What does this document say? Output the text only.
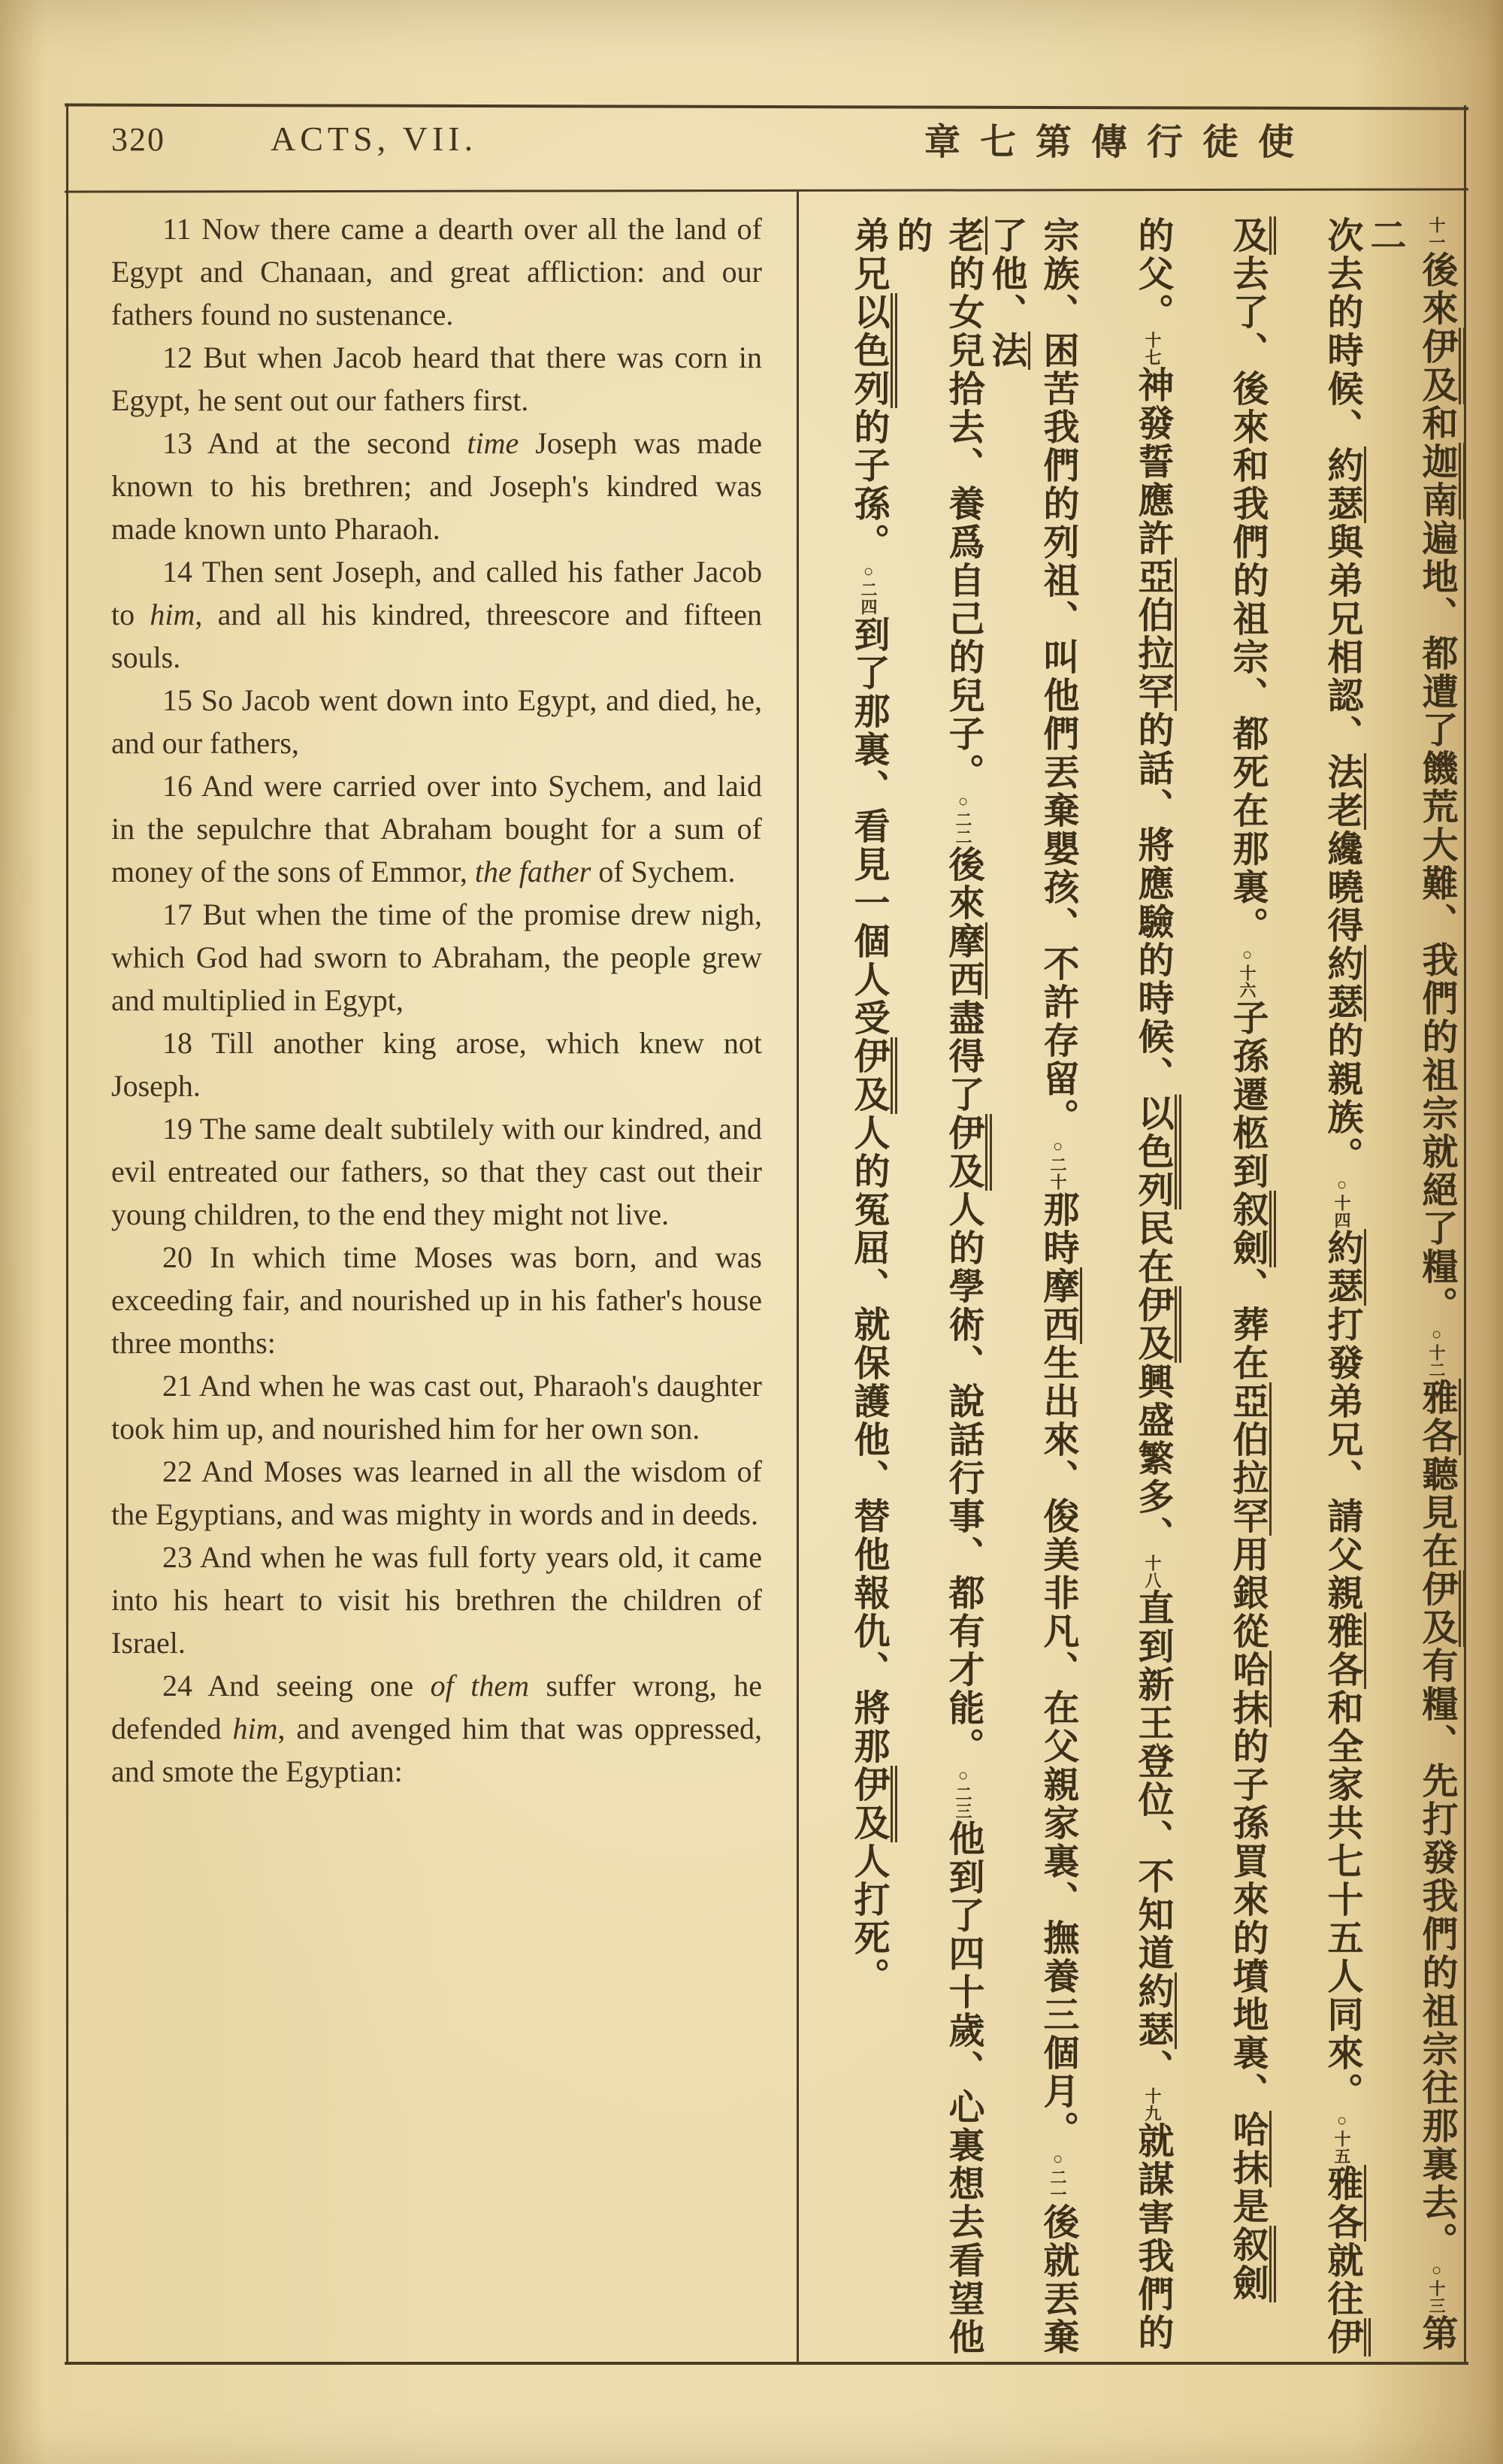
320	ACTS, VII.	章七第傳行徒使

11 Now there came a dearth over all the land of Egypt and Chanaan, and great affliction: and our fathers found no sustenance.

12 But when Jacob heard that there was corn in Egypt, he sent out our fathers first.

13 And at the second time Joseph was made known to his brethren; and Joseph's kindred was made known unto Pharaoh.

14 Then sent Joseph, and called his father Jacob to him, and all his kindred, threescore and fifteen souls.

15 So Jacob went down into Egypt, and died, he, and our fathers,

16 And were carried over into Sychem, and laid in the sepulchre that Abraham bought for a sum of money of the sons of Emmor, the father of Sychem.

17 But when the time of the promise drew nigh, which God had sworn to Abraham, the people grew and multiplied in Egypt,

18 Till another king arose, which knew not Joseph.

19 The same dealt subtilely with our kindred, and evil entreated our fathers, so that they cast out their young children, to the end they might not live.

20 In which time Moses was born, and was exceeding fair, and nourished up in his father's house three months:

21 And when he was cast out, Pharaoh's daughter took him up, and nourished him for her own son.

22 And Moses was learned in all the wisdom of the Egyptians, and was mighty in words and in deeds.

23 And when he was full forty years old, it came into his heart to visit his brethren the children of Israel.

24 And seeing one of them suffer wrong, he defended him, and avenged him that was oppressed, and smote the Egyptian:

十一後來伊及和迦南遍地、都遭了饑荒大難、我們的祖宗就絕了糧。○十二雅各聽見在伊及有糧、先打發我們的祖宗往那裏去。○十三第二
次去的時候、約瑟與弟兄相認、法老纔曉得約瑟的親族。○十四約瑟打發弟兄、請父親雅各和全家共七十五人同來。○十五雅各就往伊
及去了、後來和我們的祖宗、都死在那裏。○十六子孫遷柩到叙劍、葬在亞伯拉罕用銀從哈抹的子孫買來的墳地裏、哈抹是叙劍
的父。十七神發誓應許亞伯拉罕的話、將應驗的時候、以色列民在伊及興盛繁多、十八直到新王登位、不知道約瑟、十九就謀害我們的
宗族、困苦我們的列祖、叫他們丟棄嬰孩、不許存留。○二十那時摩西生出來、俊美非凡、在父親家裏、撫養三個月。○二一後就丟棄了他、法
老的女兒拾去、養爲自己的兒子。○二二後來摩西盡得了伊及人的學術、說話行事、都有才能。○二三他到了四十歲、心裏想去看望他的
弟兄以色列的子孫。○二四到了那裏、看見一個人受伊及人的冤屈、就保護他、替他報仇、將那伊及人打死。
